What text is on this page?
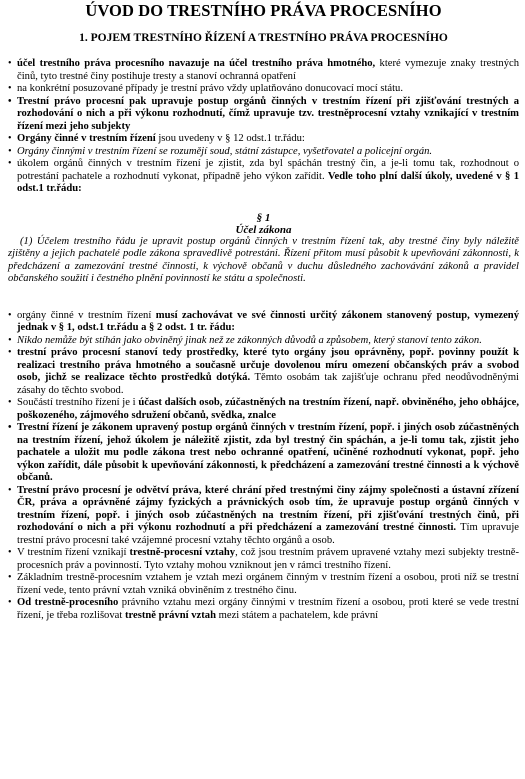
ÚVOD DO TRESTNÍHO PRÁVA PROCESNÍHO
1. POJEM TRESTNÍHO ŘÍZENÍ A TRESTNÍHO PRÁVA PROCESNÍHO
• účel trestního práva procesního navazuje na účel trestního práva hmotného, které vymezuje znaky trestných činů, tyto trestné činy postihuje tresty a stanoví ochranná opatření
• na konkrétní posuzované případy je trestní právo vždy uplatňováno donucovací mocí státu.
• Trestní právo procesní pak upravuje postup orgánů činných v trestním řízení při zjišťování trestných a rozhodování o nich a při výkonu rozhodnutí, čímž upravuje tzv. trestněprocesní vztahy vznikající v trestním řízení mezi jeho subjekty
• Orgány činné v trestním řízení jsou uvedeny v § 12 odst.1 tr.řádu:
• Orgány činnými v trestním řízení se rozumějí soud, státní zástupce, vyšetřovatel a policejní orgán.
• úkolem orgánů činných v trestním řízení je zjistit, zda byl spáchán trestný čin, a je-li tomu tak, rozhodnout o potrestání pachatele a rozhodnutí vykonat, případně jeho výkon zařídit. Vedle toho plní další úkoly, uvedené v § 1 odst.1 tr.řádu:
§ 1
Účel zákona

(1) Účelem trestního řádu je upravit postup orgánů činných v trestním řízení tak, aby trestné činy byly náležitě zjištěny a jejich pachatelé podle zákona spravedlivě potrestáni. Řízení přitom musí působit k upevňování zákonnosti, k předcházení a zamezování trestné činnosti, k výchově občanů v duchu důsledného zachovávání zákonů a pravidel občanského soužití i čestného plnění povinností ke státu a společnosti.

• orgány činné v trestním řízení musí zachovávat ve své činnosti určitý zákonem stanovený postup, vymezený jednak v § 1, odst.1 tr.řádu a § 2 odst. 1 tr. řádu:
• Nikdo nemůže být stíhán jako obviněný jinak než ze zákonných důvodů a způsobem, který stanoví tento zákon.
• trestní právo procesní stanoví tedy prostředky, které tyto orgány jsou oprávněny, popř. povinny použít k realizaci trestního práva hmotného a současně určuje dovolenou míru omezení občanských práv a svobod osob, jichž se realizace těchto prostředků dotýká. Těmto osobám tak zajišťuje ochranu před neodůvodněnými zásahy do těchto svobod.
• Součástí trestního řízení je i účast dalších osob, zúčastněných na trestním řízení, např. obviněného, jeho obhájce, poškozeného, zájmového sdružení občanů, svědka, znalce
• Trestní řízení je zákonem upravený postup orgánů činných v trestním řízení, popř. i jiných osob zúčastněných na trestním řízení, jehož úkolem je náležitě zjistit, zda byl trestný čin spáchán, a je-li tomu tak, zjistit jeho pachatele a uložit mu podle zákona trest nebo ochranné opatření, učiněné rozhodnutí vykonat, popř. jeho výkon zařídit, dále působit k upevňování zákonnosti, k předcházení a zamezování trestné činnosti a k výchově občanů.
• Trestní právo procesní je odvětví práva, které chrání před trestnými činy zájmy společnosti a ústavní zřízení ČR, práva a oprávněné zájmy fyzických a právnických osob tím, že upravuje postup orgánů činných v trestním řízení, popř. i jiných osob zúčastněných na trestním řízení, při zjišťování trestných činů, při rozhodování o nich a při výkonu rozhodnutí a při předcházení a zamezování trestné činnosti. Tím upravuje trestní právo procesní také vzájemné procesní vztahy těchto orgánů a osob.
• V trestním řízení vznikají trestně-procesní vztahy, což jsou trestním právem upravené vztahy mezi subjekty trestně-procesních práv a povinností. Tyto vztahy mohou vzniknout jen v rámci trestního řízení.
• Základním trestně-procesním vztahem je vztah mezi orgánem činným v trestním řízení a osobou, proti níž se trestní řízení vede, tento právní vztah vzniká obviněním z trestného činu.
• Od trestně-procesního právního vztahu mezi orgány činnými v trestním řízení a osobou, proti které se vede trestní řízení, je třeba rozlišovat trestně právní vztah mezi státem a pachatelem, kde právní
